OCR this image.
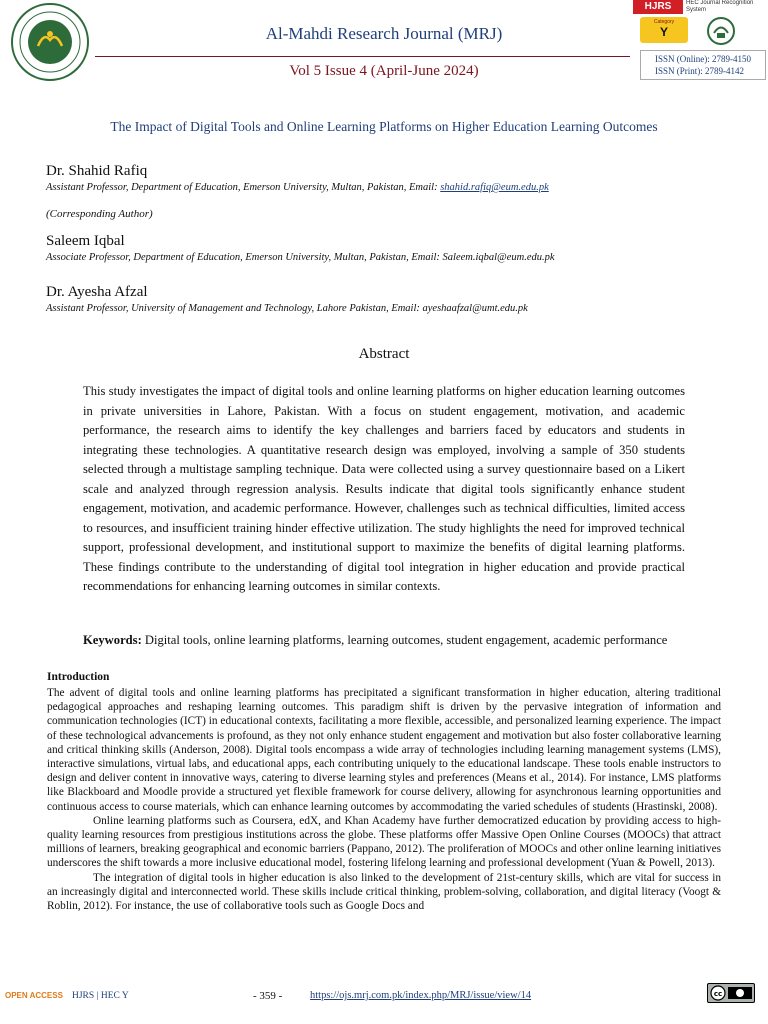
Al-Mahdi Research Journal (MRJ)
Vol 5 Issue 4 (April-June 2024)
HJRS	HEC Journal Recognition System
Category
Y
ISSN (Online): 2789-4150
ISSN (Print): 2789-4142
The Impact of Digital Tools and Online Learning Platforms on Higher Education Learning Outcomes
Dr. Shahid Rafiq
Assistant Professor, Department of Education, Emerson University, Multan, Pakistan, Email: shahid.rafiq@eum.edu.pk
(Corresponding Author)
Saleem Iqbal
Associate Professor, Department of Education, Emerson University, Multan, Pakistan, Email: Saleem.iqbal@eum.edu.pk
Dr. Ayesha Afzal
Assistant Professor, University of Management and Technology, Lahore Pakistan, Email: ayeshaafzal@umt.edu.pk
Abstract
This study investigates the impact of digital tools and online learning platforms on higher education learning outcomes in private universities in Lahore, Pakistan. With a focus on student engagement, motivation, and academic performance, the research aims to identify the key challenges and barriers faced by educators and students in integrating these technologies. A quantitative research design was employed, involving a sample of 350 students selected through a multistage sampling technique. Data were collected using a survey questionnaire based on a Likert scale and analyzed through regression analysis. Results indicate that digital tools significantly enhance student engagement, motivation, and academic performance. However, challenges such as technical difficulties, limited access to resources, and insufficient training hinder effective utilization. The study highlights the need for improved technical support, professional development, and institutional support to maximize the benefits of digital learning platforms. These findings contribute to the understanding of digital tool integration in higher education and provide practical recommendations for enhancing learning outcomes in similar contexts.
Keywords: Digital tools, online learning platforms, learning outcomes, student engagement, academic performance
Introduction

The advent of digital tools and online learning platforms has precipitated a significant transformation in higher education, altering traditional pedagogical approaches and reshaping learning outcomes. This paradigm shift is driven by the pervasive integration of information and communication technologies (ICT) in educational contexts, facilitating a more flexible, accessible, and personalized learning experience. The impact of these technological advancements is profound, as they not only enhance student engagement and motivation but also foster collaborative learning and critical thinking skills (Anderson, 2008). Digital tools encompass a wide array of technologies including learning management systems (LMS), interactive simulations, virtual labs, and educational apps, each contributing uniquely to the educational landscape. These tools enable instructors to design and deliver content in innovative ways, catering to diverse learning styles and preferences (Means et al., 2014). For instance, LMS platforms like Blackboard and Moodle provide a structured yet flexible framework for course delivery, allowing for asynchronous learning opportunities and continuous access to course materials, which can enhance learning outcomes by accommodating the varied schedules of students (Hrastinski, 2008).

Online learning platforms such as Coursera, edX, and Khan Academy have further democratized education by providing access to high-quality learning resources from prestigious institutions across the globe. These platforms offer Massive Open Online Courses (MOOCs) that attract millions of learners, breaking geographical and economic barriers (Pappano, 2012). The proliferation of MOOCs and other online learning initiatives underscores the shift towards a more inclusive educational model, fostering lifelong learning and professional development (Yuan & Powell, 2013).

The integration of digital tools in higher education is also linked to the development of 21st-century skills, which are vital for success in an increasingly digital and interconnected world. These skills include critical thinking, problem-solving, collaboration, and digital literacy (Voogt & Roblin, 2012). For instance, the use of collaborative tools such as Google Docs and

OPEN ACCESS HJRS | HEC Y	- 359 -	https://ojs.mrj.com.pk/index.php/MRJ/issue/view/14	cc
